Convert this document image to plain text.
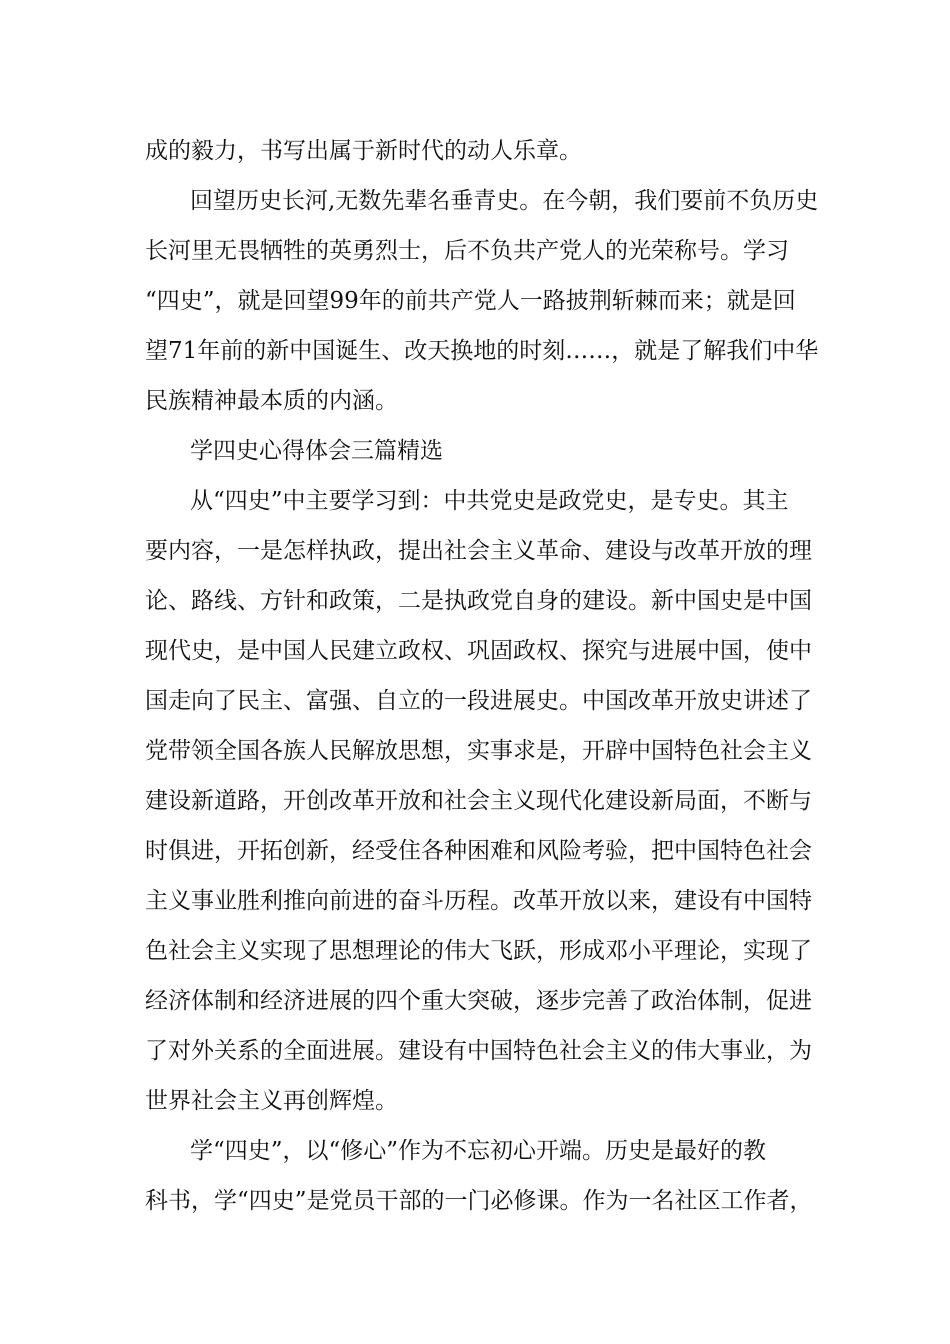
成的毅力，书写出属于新时代的动人乐章。
回望历史长河,无数先辈名垂青史。在今朝，我们要前不负历史
长河里无畏牺牲的英勇烈士，后不负共产党人的光荣称号。学习
“四史”，就是回望99年的前共产党人一路披荆斩棘而来；就是回
望71年前的新中国诞生、改天换地的时刻……，就是了解我们中华
民族精神最本质的内涵。
学四史心得体会三篇精选
从“四史”中主要学习到：中共党史是政党史，是专史。其主
要内容，一是怎样执政，提出社会主义革命、建设与改革开放的理
论、路线、方针和政策，二是执政党自身的建设。新中国史是中国
现代史，是中国人民建立政权、巩固政权、探究与进展中国，使中
国走向了民主、富强、自立的一段进展史。中国改革开放史讲述了
党带领全国各族人民解放思想，实事求是，开辟中国特色社会主义
建设新道路，开创改革开放和社会主义现代化建设新局面，不断与
时俱进，开拓创新，经受住各种困难和风险考验，把中国特色社会
主义事业胜利推向前进的奋斗历程。改革开放以来，建设有中国特
色社会主义实现了思想理论的伟大飞跃，形成邓小平理论，实现了
经济体制和经济进展的四个重大突破，逐步完善了政治体制，促进
了对外关系的全面进展。建设有中国特色社会主义的伟大事业，为
世界社会主义再创辉煌。
学“四史”，以“修心”作为不忘初心开端。历史是最好的教
科书，学“四史”是党员干部的一门必修课。作为一名社区工作者，
